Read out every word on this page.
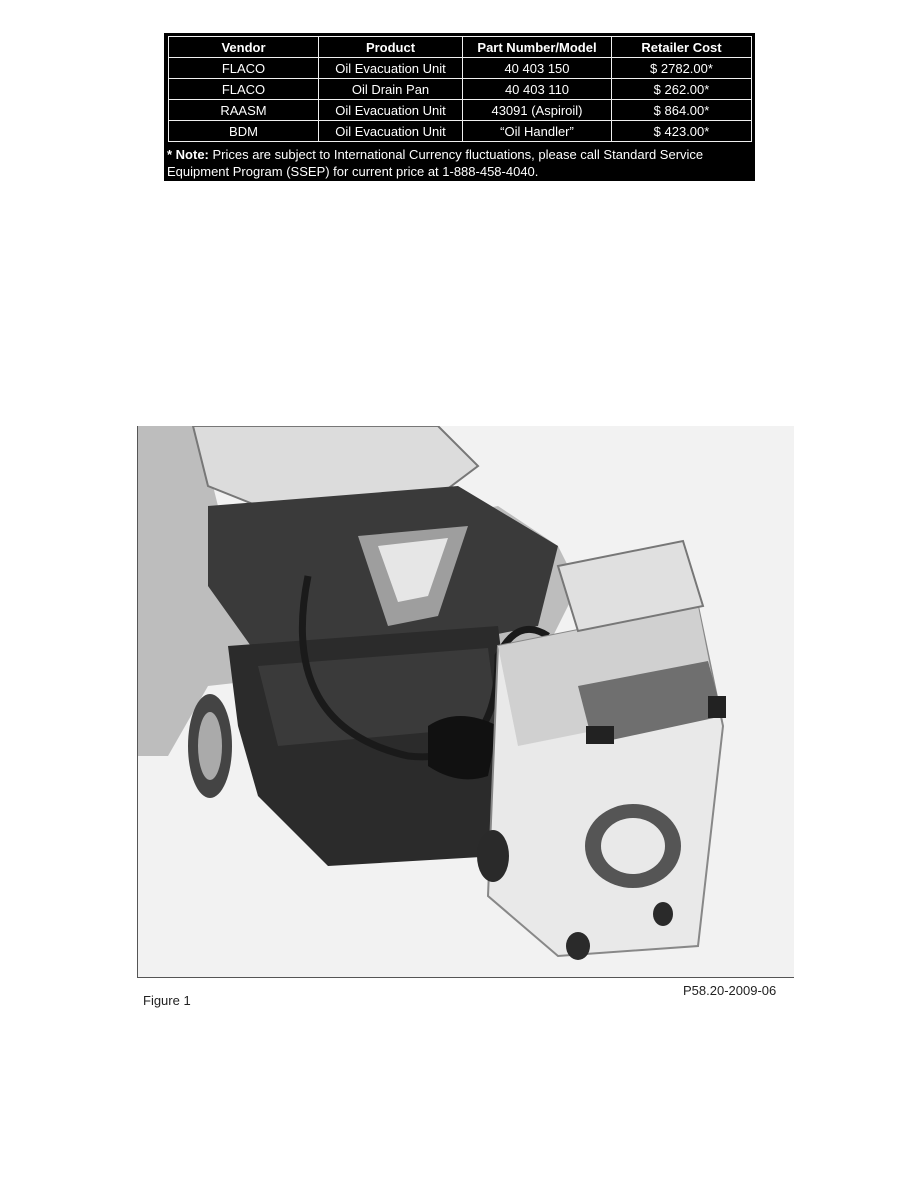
Vendor	Product	Part Number/Model	Retailer Cost
FLACO	Oil Evacuation Unit	40 403 150	$ 2782.00*
FLACO	Oil Drain Pan	40 403 110	$ 262.00*
RAASM	Oil Evacuation Unit	43091 (Aspiroil)	$ 864.00*
BDM	Oil Evacuation Unit	“Oil Handler”	$ 423.00*
* Note: Prices are subject to International Currency fluctuations, please call Standard Service Equipment Program (SSEP) for current price at 1-888-458-4040.
Figure 1
P58.20-2009-06
